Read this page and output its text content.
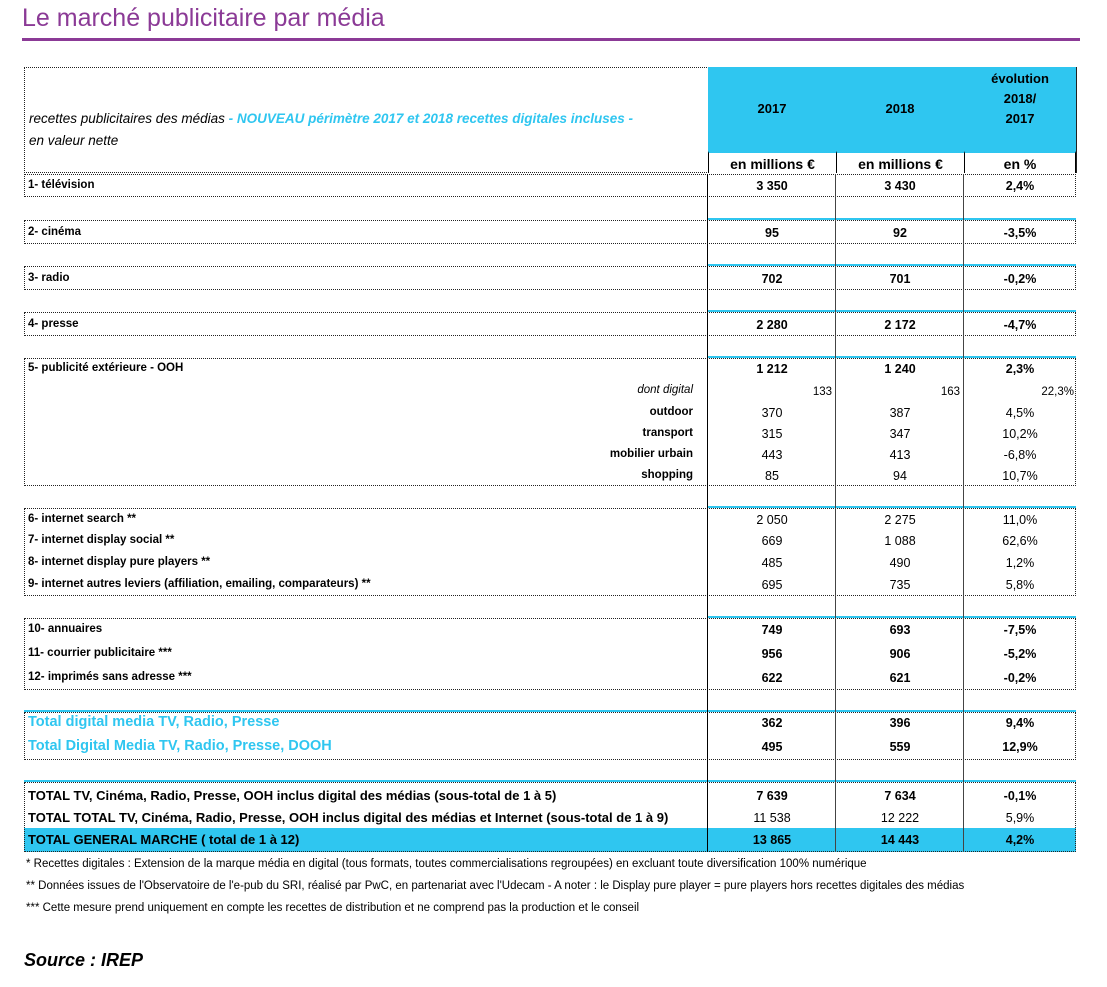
Le marché publicitaire par média
recettes publicitaires des médias - NOUVEAU périmètre 2017 et 2018 recettes digitales incluses -
en valeur nette
2017	2018
évolution
2018/
2017
en millions €	en millions €	en %
1- télévision	3 350	3 430	2,4%
2- cinéma	95	92	-3,5%
3- radio	702	701	-0,2%
4- presse	2 280	2 172	-4,7%
5- publicité extérieure - OOH	1 212	1 240	2,3%
dont digital	133	163	22,3%
outdoor	370	387	4,5%
transport	315	347	10,2%
mobilier urbain	443	413	-6,8%
shopping	85	94	10,7%
6- internet search **	2 050	2 275	11,0%
7- internet display social **	669	1 088	62,6%
8- internet display pure players **	485	490	1,2%
9- internet autres leviers (affiliation, emailing, comparateurs) **	695	735	5,8%
10- annuaires	749	693	-7,5%
11- courrier publicitaire ***	956	906	-5,2%
12- imprimés sans adresse ***	622	621	-0,2%
Total digital media TV, Radio, Presse	362	396	9,4%
Total Digital Media TV, Radio, Presse, DOOH	495	559	12,9%
TOTAL TV, Cinéma, Radio, Presse, OOH inclus digital des médias (sous-total de 1 à 5)	7 639	7 634	-0,1%
TOTAL TOTAL TV, Cinéma, Radio, Presse, OOH inclus digital des médias et Internet (sous-total de 1 à 9)	11 538	12 222	5,9%
TOTAL GENERAL MARCHE ( total de 1 à 12)	13 865	14 443	4,2%
* Recettes digitales : Extension de la marque média en digital (tous formats, toutes commercialisations regroupées) en excluant toute diversification 100% numérique
** Données issues de l'Observatoire de l'e-pub du SRI, réalisé par PwC, en partenariat avec l'Udecam - A noter : le Display pure player = pure players hors recettes digitales des médias
*** Cette mesure prend uniquement en compte les recettes de distribution et ne comprend pas la production et le conseil
Source : IREP
